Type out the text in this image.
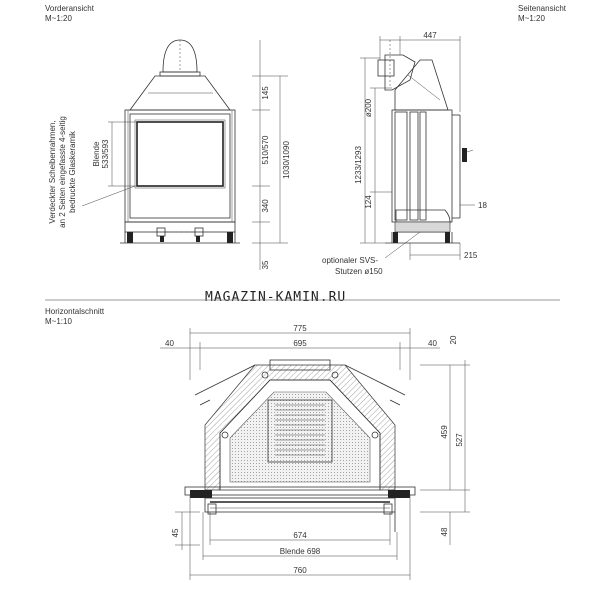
Vorderansicht
M~1:20
Seitenansicht
M~1:20
Horizontalschnitt
M~1:10
MAGAZIN-KAMIN.RU
optionaler SVS-
Stutzen ø150
145
510/570
340
35
1030/1090
Blende 533/593
Verdeckter Scheibenrahmen, an 2 Seiten eingefasste 4-seitig bedruckte Glaskeramik
447
ø200
1233/1293
124	18
215
775
40	695	40 20
459
527
48
45	674
Blende 698
760
